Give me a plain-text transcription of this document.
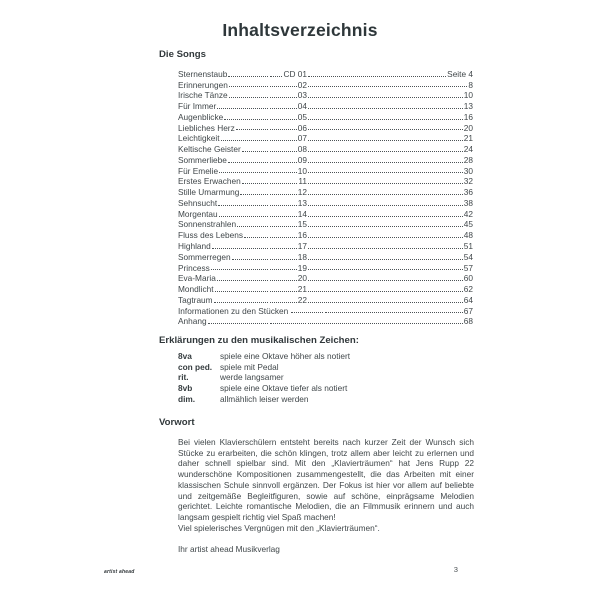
Inhaltsverzeichnis
Die Songs
Sternenstaub	CD 01	Seite 4
Erinnerungen	02	8
Irische Tänze	03	10
Für Immer	04	13
Augenblicke	05	16
Liebliches Herz	06	20
Leichtigkeit	07	21
Keltische Geister	08	24
Sommerliebe	09	28
Für Emelie	10	30
Erstes Erwachen	11	32
Stille Umarmung	12	36
Sehnsucht	13	38
Morgentau	14	42
Sonnenstrahlen	15	45
Fluss des Lebens	16	48
Highland	17	51
Sommerregen	18	54
Princess	19	57
Eva-Maria	20	60
Mondlicht	21	62
Tagtraum	22	64
Informationen zu den Stücken	67
Anhang	68
Erklärungen zu den musikalischen Zeichen:
8va	spiele eine Oktave höher als notiert
con ped. spiele mit Pedal
rit.	werde langsamer
8vb	spiele eine Oktave tiefer als notiert
dim.	allmählich leiser werden
Vorwort

Bei vielen Klavierschülern entsteht bereits nach kurzer Zeit der Wunsch sich Stücke zu erarbeiten, die schön klingen, trotz allem aber leicht zu erlernen und daher schnell spielbar sind. Mit den „Klavierträumen“ hat Jens Rupp 22 wunderschöne Kompositionen zusammengestellt, die das Arbeiten mit einer klassischen Schule sinnvoll ergänzen. Der Fokus ist hier vor allem auf beliebte und zeitgemäße Begleitfiguren, sowie auf schöne, einprägsame Melodien gerichtet. Leichte romantische Melodien, die an Filmmusik erinnern und auch langsam gespielt richtig viel Spaß machen!

Viel spielerisches Vergnügen mit den „Klavierträumen“.

Ihr artist ahead Musikverlag

artist ahead	3
